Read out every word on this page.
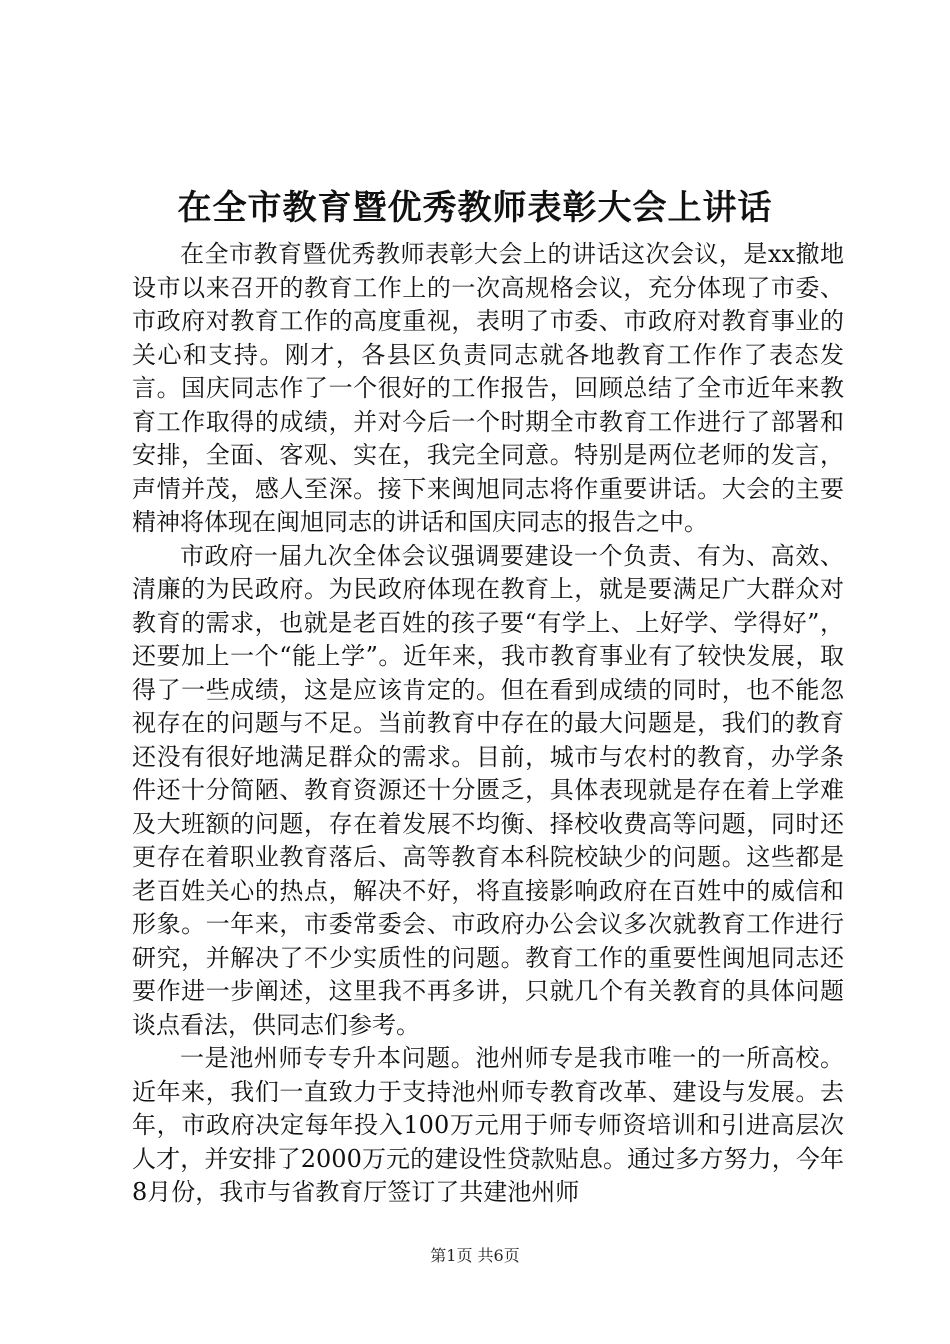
在全市教育暨优秀教师表彰大会上讲话

在全市教育暨优秀教师表彰大会上的讲话这次会议，是xx撤地设市以来召开的教育工作上的一次高规格会议，充分体现了市委、市政府对教育工作的高度重视，表明了市委、市政府对教育事业的关心和支持。刚才，各县区负责同志就各地教育工作作了表态发言。国庆同志作了一个很好的工作报告，回顾总结了全市近年来教育工作取得的成绩，并对今后一个时期全市教育工作进行了部署和安排，全面、客观、实在，我完全同意。特别是两位老师的发言，声情并茂，感人至深。接下来闽旭同志将作重要讲话。大会的主要精神将体现在闽旭同志的讲话和国庆同志的报告之中。

市政府一届九次全体会议强调要建设一个负责、有为、高效、清廉的为民政府。为民政府体现在教育上，就是要满足广大群众对教育的需求，也就是老百姓的孩子要“有学上、上好学、学得好”，还要加上一个“能上学”。近年来，我市教育事业有了较快发展，取得了一些成绩，这是应该肯定的。但在看到成绩的同时，也不能忽视存在的问题与不足。当前教育中存在的最大问题是，我们的教育还没有很好地满足群众的需求。目前，城市与农村的教育，办学条件还十分简陋、教育资源还十分匮乏，具体表现就是存在着上学难及大班额的问题，存在着发展不均衡、择校收费高等问题，同时还更存在着职业教育落后、高等教育本科院校缺少的问题。这些都是老百姓关心的热点，解决不好，将直接影响政府在百姓中的威信和形象。一年来，市委常委会、市政府办公会议多次就教育工作进行研究，并解决了不少实质性的问题。教育工作的重要性闽旭同志还要作进一步阐述，这里我不再多讲，只就几个有关教育的具体问题谈点看法，供同志们参考。

一是池州师专专升本问题。池州师专是我市唯一的一所高校。近年来，我们一直致力于支持池州师专教育改革、建设与发展。去年，市政府决定每年投入100万元用于师专师资培训和引进高层次人才，并安排了2000万元的建设性贷款贴息。通过多方努力，今年8月份，我市与省教育厅签订了共建池州师

第1页 共6页
